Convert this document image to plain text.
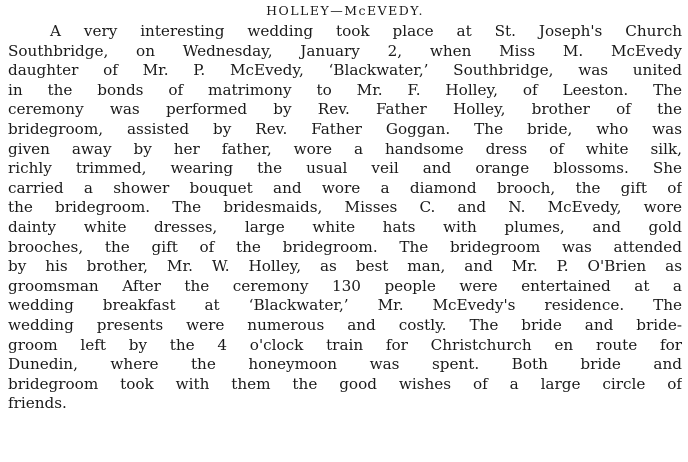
HOLLEY—McEVEDY.
A very interesting wedding took place at St. Joseph's Church
Southbridge, on Wednesday, January 2, when Miss M. McEvedy
daughter of Mr. P. McEvedy, ‘Blackwater,’ Southbridge, was united
in the bonds of matrimony to Mr. F. Holley, of Leeston. The
ceremony was performed by Rev. Father Holley, brother of the
bridegroom, assisted by Rev. Father Goggan. The bride, who was
given away by her father, wore a handsome dress of white silk,
richly trimmed, wearing the usual veil and orange blossoms. She
carried a shower bouquet and wore a diamond brooch, the gift of
the bridegroom. The bridesmaids, Misses C. and N. McEvedy, wore
dainty white dresses, large white hats with plumes, and gold
brooches, the gift of the bridegroom. The bridegroom was attended
by his brother, Mr. W. Holley, as best man, and Mr. P. O'Brien as
groomsman After the ceremony 130 people were entertained at a
wedding breakfast at ‘Blackwater,’ Mr. McEvedy's residence. The
wedding presents were numerous and costly. The bride and bride-
groom left by the 4 o'clock train for Christchurch en route for
Dunedin, where the honeymoon was spent. Both bride and
bridegroom took with them the good wishes of a large circle of
friends.
